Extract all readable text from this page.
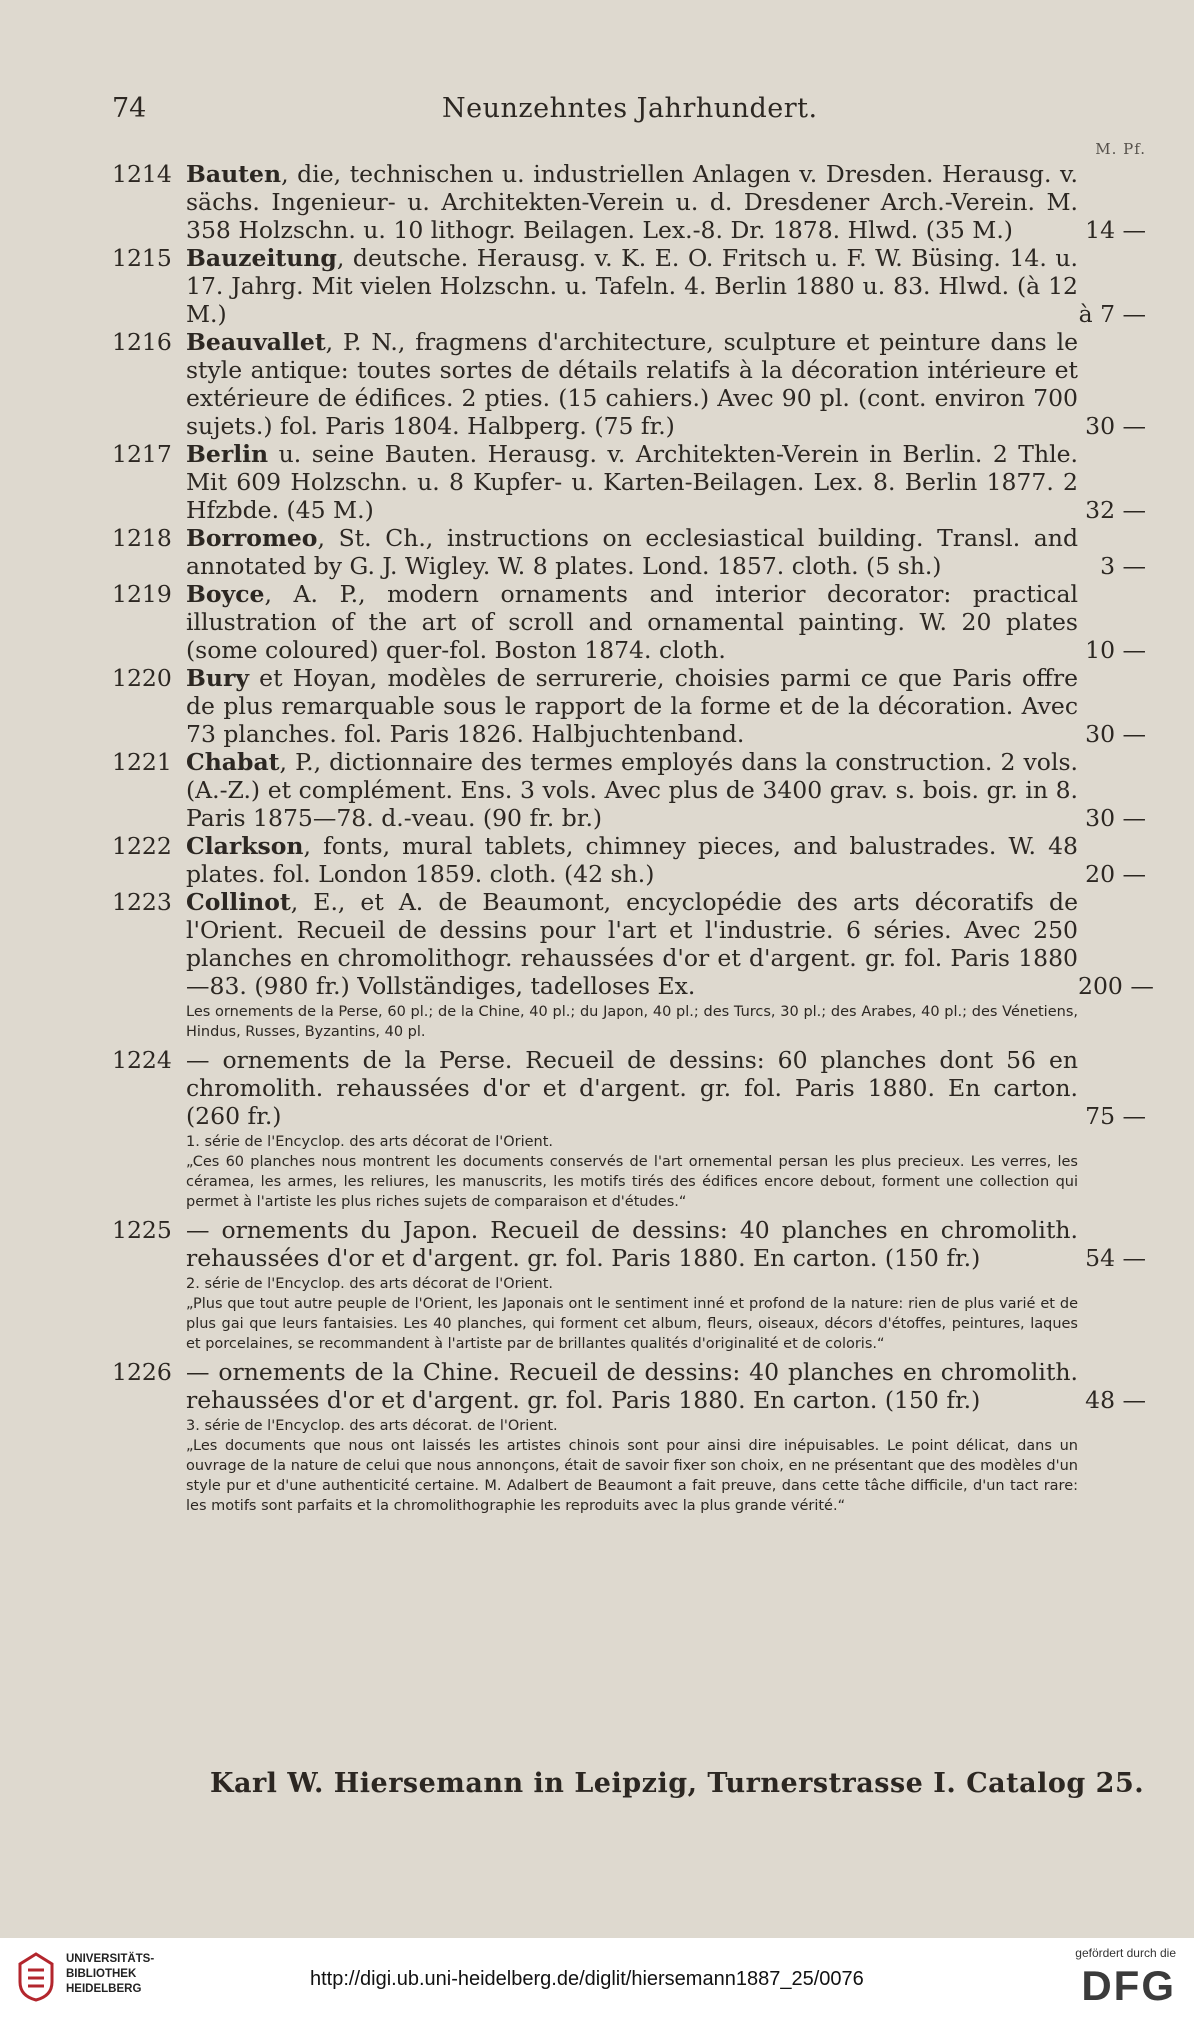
74	Neunzehntes Jahrhundert.
M. Pf.
1214 Bauten, die, technischen u. industriellen Anlagen v. Dresden. Herausg. v. sächs. Ingenieur- u. Architekten-Verein u. d. Dresdener Arch.-Verein. M. 358 Holzschn. u. 10 lithogr. Beilagen. Lex.-8. Dr. 1878. Hlwd. (35 M.)	14 —
1215 Bauzeitung, deutsche. Herausg. v. K. E. O. Fritsch u. F. W. Büsing. 14. u. 17. Jahrg. Mit vielen Holzschn. u. Tafeln. 4. Berlin 1880 u. 83. Hlwd. (à 12 M.)	à 7 —
1216 Beauvallet, P. N., fragmens d'architecture, sculpture et peinture dans le style antique: toutes sortes de détails relatifs à la décoration intérieure et extérieure de édifices. 2 pties. (15 cahiers.) Avec 90 pl. (cont. environ 700 sujets.) fol. Paris 1804. Halbperg. (75 fr.)	30 —
1217 Berlin u. seine Bauten. Herausg. v. Architekten-Verein in Berlin. 2 Thle. Mit 609 Holzschn. u. 8 Kupfer- u. Karten-Beilagen. Lex. 8. Berlin 1877. 2 Hfzbde. (45 M.)	32 —
1218 Borromeo, St. Ch., instructions on ecclesiastical building. Transl. and annotated by G. J. Wigley. W. 8 plates. Lond. 1857. cloth. (5 sh.)	3 —
1219 Boyce, A. P., modern ornaments and interior decorator: practical illustration of the art of scroll and ornamental painting. W. 20 plates (some coloured) quer-fol. Boston 1874. cloth.	10 —
1220 Bury et Hoyan, modèles de serrurerie, choisies parmi ce que Paris offre de plus remarquable sous le rapport de la forme et de la décoration. Avec 73 planches. fol. Paris 1826. Halbjuchtenband.	30 —
1221 Chabat, P., dictionnaire des termes employés dans la construction. 2 vols. (A.-Z.) et complément. Ens. 3 vols. Avec plus de 3400 grav. s. bois. gr. in 8. Paris 1875—78. d.-veau. (90 fr. br.)	30 —
1222 Clarkson, fonts, mural tablets, chimney pieces, and balustrades. W. 48 plates. fol. London 1859. cloth. (42 sh.)	20 —
1223 Collinot, E., et A. de Beaumont, encyclopédie des arts décoratifs de l'Orient. Recueil de dessins pour l'art et l'industrie. 6 séries. Avec 250 planches en chromolithogr. rehaussées d'or et d'argent. gr. fol. Paris 1880—83. (980 fr.) Vollständiges, tadelloses Ex.	200 —
Les ornements de la Perse, 60 pl.; de la Chine, 40 pl.; du Japon, 40 pl.; des Turcs, 30 pl.; des Arabes, 40 pl.; des Vénetiens, Hindus, Russes, Byzantins, 40 pl.
1224 — ornements de la Perse. Recueil de dessins: 60 planches dont 56 en chromolith. rehaussées d'or et d'argent. gr. fol. Paris 1880. En carton. (260 fr.)	75 —
1. série de l'Encyclop. des arts décorat de l'Orient.
„Ces 60 planches nous montrent les documents conservés de l'art ornemental persan les plus precieux. Les verres, les céramea, les armes, les reliures, les manuscrits, les motifs tirés des édifices encore debout, forment une collection qui permet à l'artiste les plus riches sujets de comparaison et d'études.“
1225 — ornements du Japon. Recueil de dessins: 40 planches en chromolith. rehaussées d'or et d'argent. gr. fol. Paris 1880. En carton. (150 fr.)	54 —
2. série de l'Encyclop. des arts décorat de l'Orient.
„Plus que tout autre peuple de l'Orient, les Japonais ont le sentiment inné et profond de la nature: rien de plus varié et de plus gai que leurs fantaisies. Les 40 planches, qui forment cet album, fleurs, oiseaux, décors d'étoffes, peintures, laques et porcelaines, se recommandent à l'artiste par de brillantes qualités d'originalité et de coloris.“
1226 — ornements de la Chine. Recueil de dessins: 40 planches en chromolith. rehaussées d'or et d'argent. gr. fol. Paris 1880. En carton. (150 fr.)	48 —
3. série de l'Encyclop. des arts décorat. de l'Orient.
„Les documents que nous ont laissés les artistes chinois sont pour ainsi dire inépuisables. Le point délicat, dans un ouvrage de la nature de celui que nous annonçons, était de savoir fixer son choix, en ne présentant que des modèles d'un style pur et d'une authenticité certaine. M. Adalbert de Beaumont a fait preuve, dans cette tâche difficile, d'un tact rare: les motifs sont parfaits et la chromolithographie les reproduits avec la plus grande vérité.“
Karl W. Hiersemann in Leipzig, Turnerstrasse I. Catalog 25.
UNIVERSITÄTS-
BIBLIOTHEK
HEIDELBERG	http://digi.ub.uni-heidelberg.de/diglit/hiersemann1887_25/0076
gefördert durch die
DFG
